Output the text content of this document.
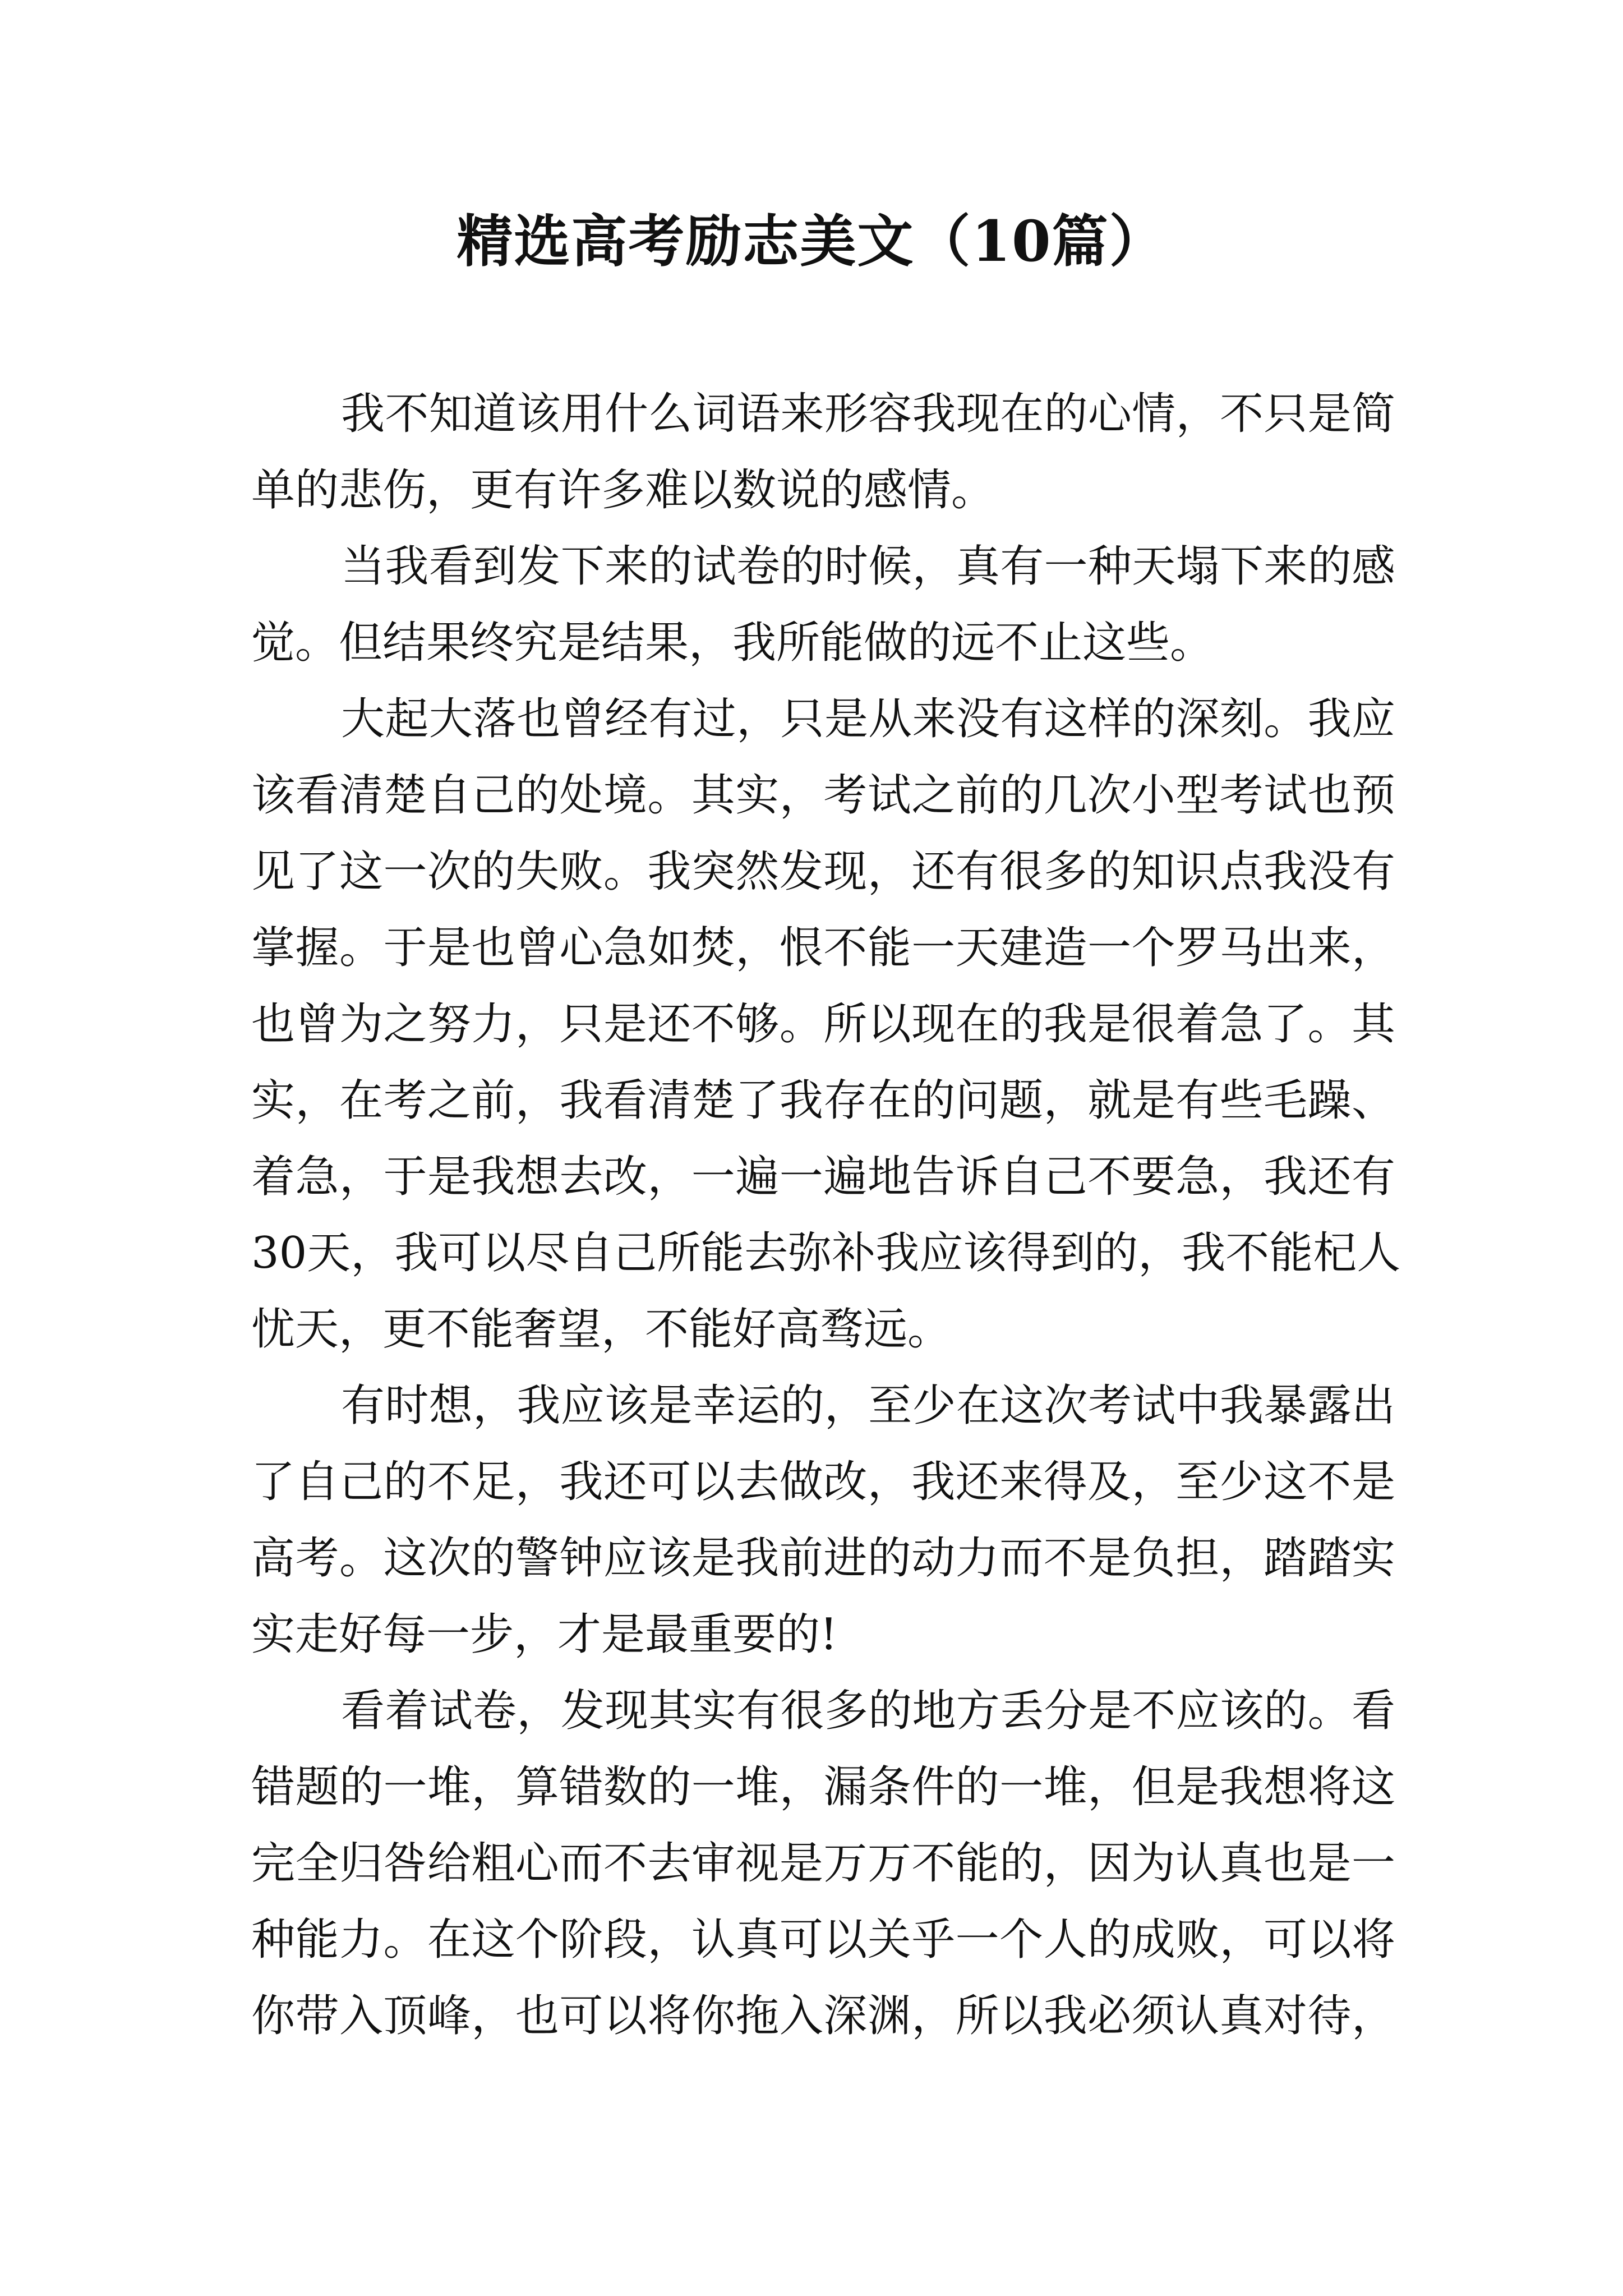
精选高考励志美文（10篇）
我不知道该用什么词语来形容我现在的心情，不只是简
单的悲伤，更有许多难以数说的感情。
当我看到发下来的试卷的时候，真有一种天塌下来的感
觉。但结果终究是结果，我所能做的远不止这些。
大起大落也曾经有过，只是从来没有这样的深刻。我应
该看清楚自己的处境。其实，考试之前的几次小型考试也预
见了这一次的失败。我突然发现，还有很多的知识点我没有
掌握。于是也曾心急如焚，恨不能一天建造一个罗马出来，
也曾为之努力，只是还不够。所以现在的我是很着急了。其
实，在考之前，我看清楚了我存在的问题，就是有些毛躁、
着急，于是我想去改，一遍一遍地告诉自己不要急，我还有
30天，我可以尽自己所能去弥补我应该得到的，我不能杞人
忧天，更不能奢望，不能好高骛远。
有时想，我应该是幸运的，至少在这次考试中我暴露出
了自己的不足，我还可以去做改，我还来得及，至少这不是
高考。这次的警钟应该是我前进的动力而不是负担，踏踏实
实走好每一步，才是最重要的!
看着试卷，发现其实有很多的地方丢分是不应该的。看
错题的一堆，算错数的一堆，漏条件的一堆，但是我想将这
完全归咎给粗心而不去审视是万万不能的，因为认真也是一
种能力。在这个阶段，认真可以关乎一个人的成败，可以将
你带入顶峰，也可以将你拖入深渊，所以我必须认真对待，
